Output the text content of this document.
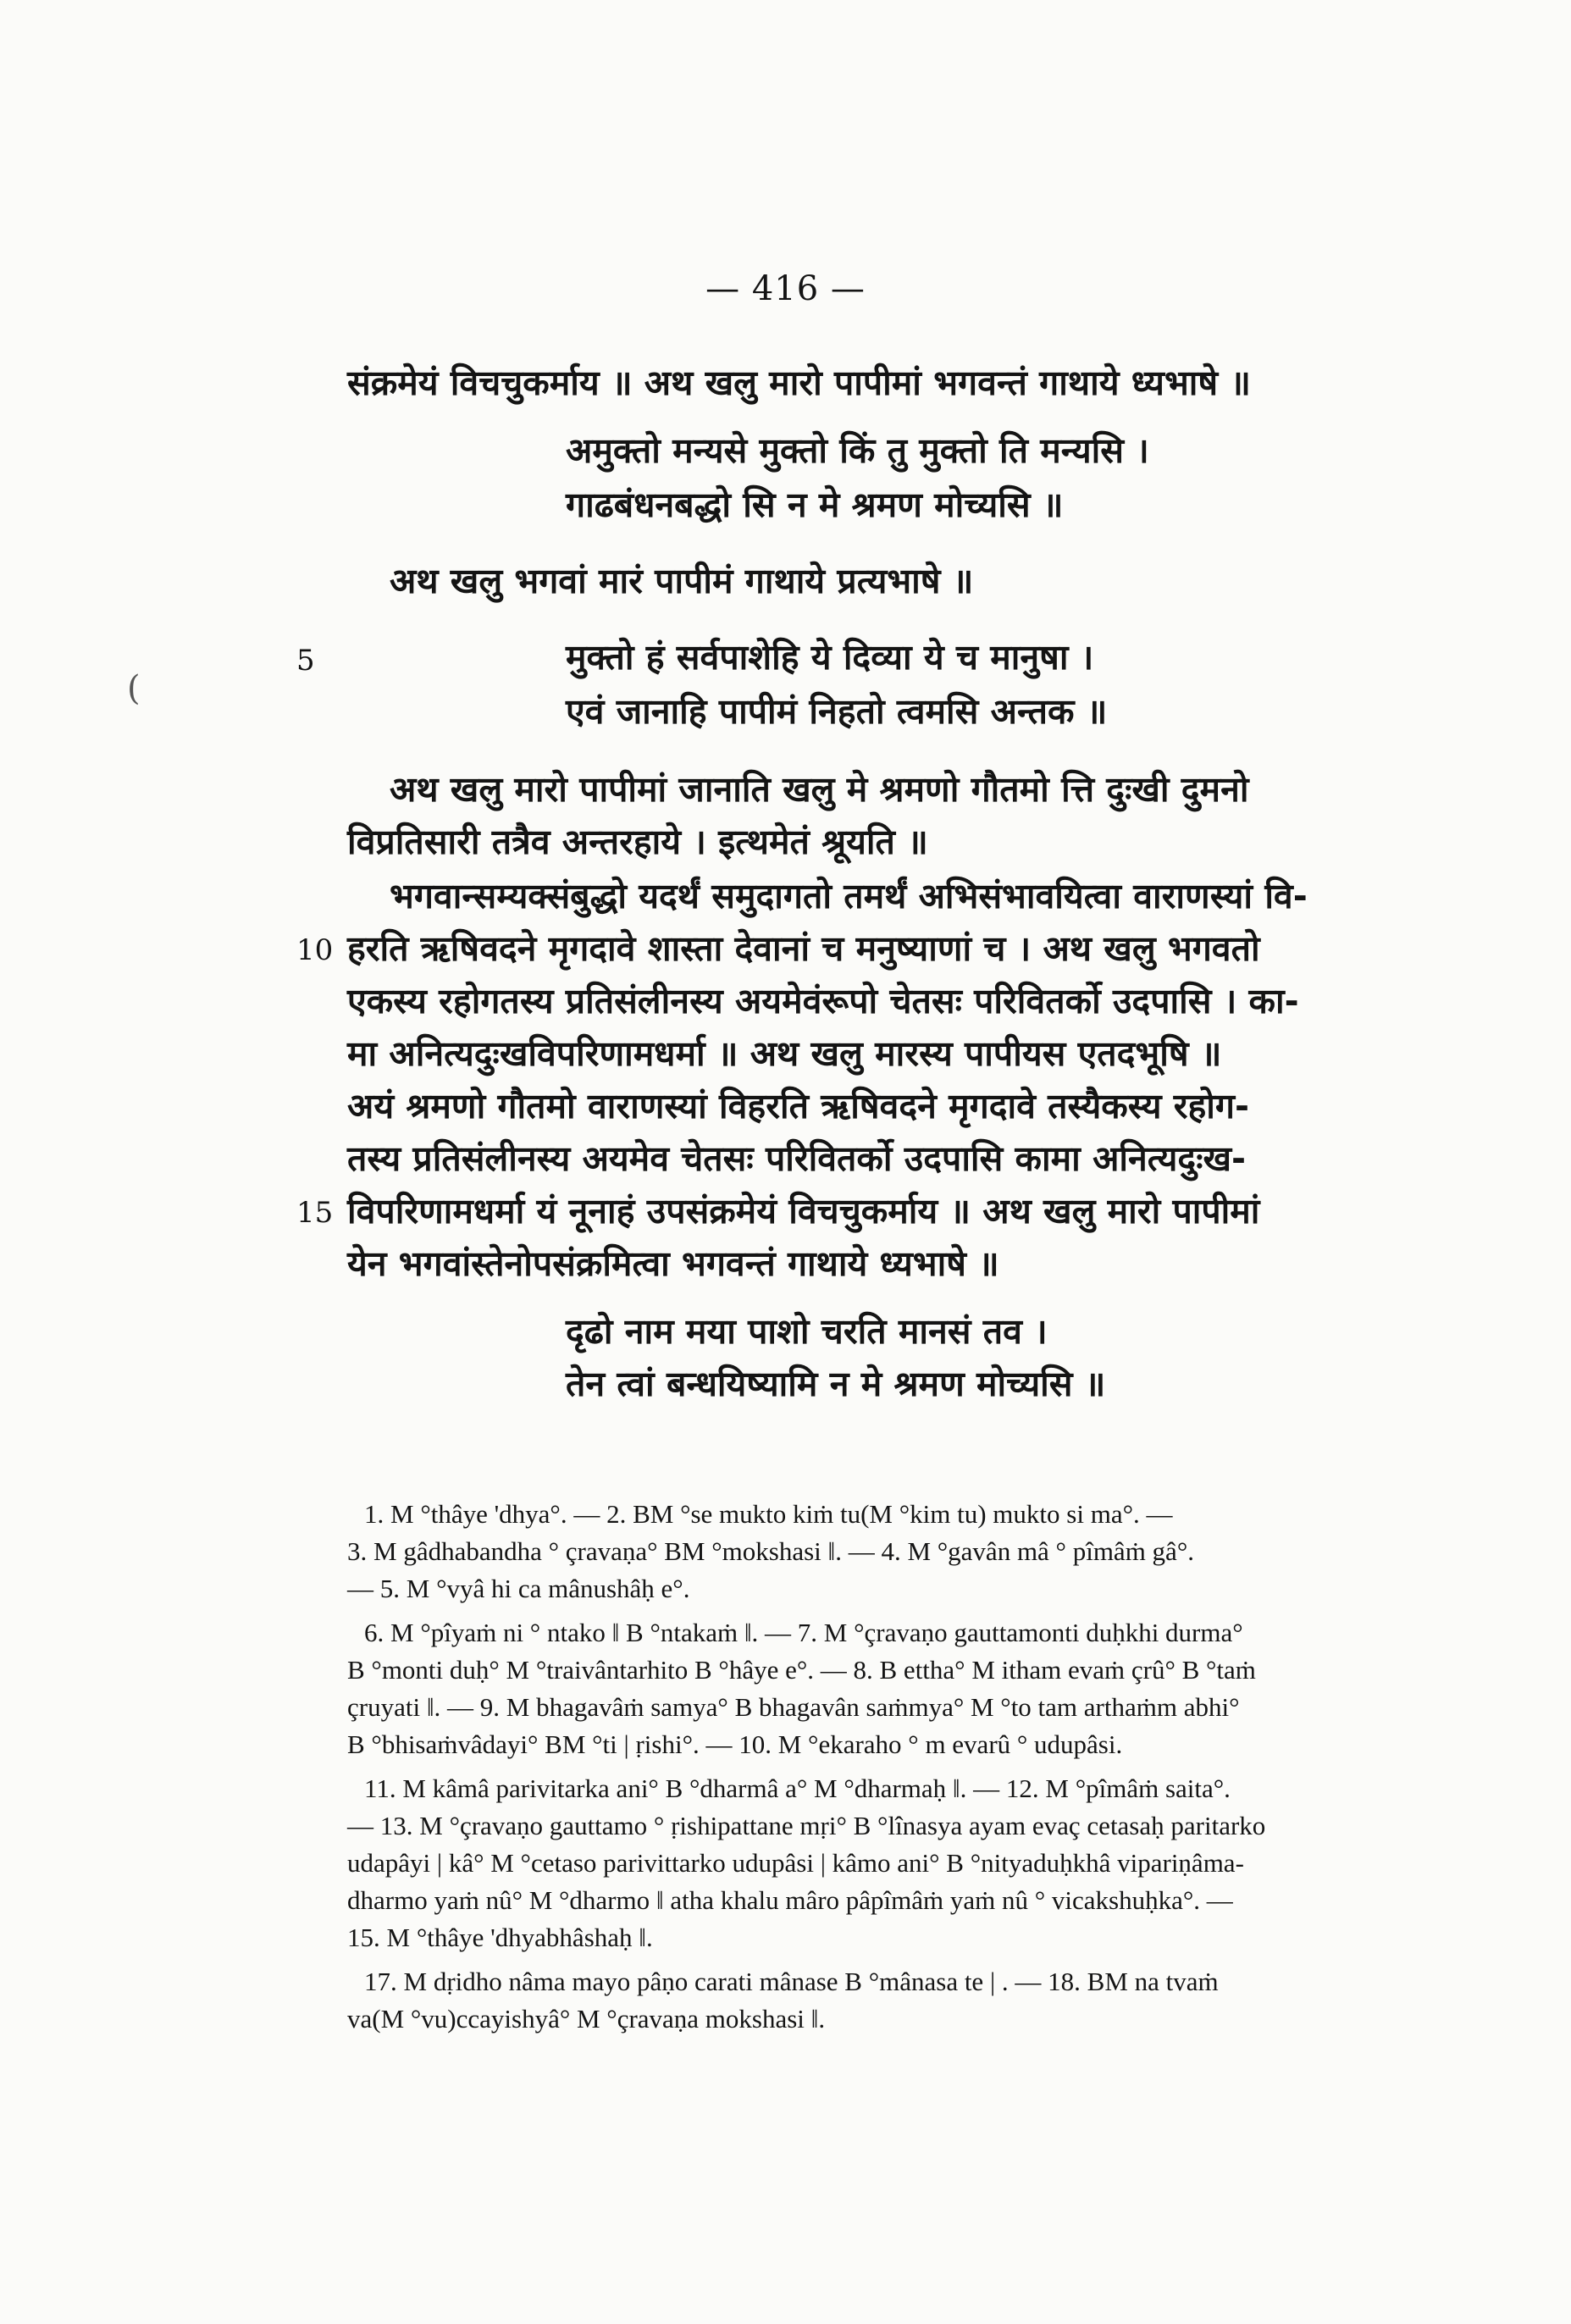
— 416 —
(
संक्रमेयं विचचुकर्माय ॥ अथ खलु मारो पापीमां भगवन्तं गाथाये ध्यभाषे ॥
अमुक्तो मन्यसे मुक्तो किं तु मुक्तो ति मन्यसि ।
गाढबंधनबद्धो सि न मे श्रमण मोच्यसि ॥
अथ खलु भगवां मारं पापीमं गाथाये प्रत्यभाषे ॥
5	मुक्तो हं सर्वपाशेहि ये दिव्या ये च मानुषा ।
एवं जानाहि पापीमं निहतो त्वमसि अन्तक ॥
अथ खलु मारो पापीमां जानाति खलु मे श्रमणो गौतमो त्ति दुःखी दुमनो
विप्रतिसारी तत्रैव अन्तरहाये । इत्थमेतं श्रूयति ॥
भगवान्सम्यक्संबुद्धो यदर्थं समुदागतो तमर्थं अभिसंभावयित्वा वाराणस्यां वि-
10 हरति ऋषिवदने मृगदावे शास्ता देवानां च मनुष्याणां च । अथ खलु भगवतो
एकस्य रहोगतस्य प्रतिसंलीनस्य अयमेवंरूपो चेतसः परिवितर्को उदपासि । का-
मा अनित्यदुःखविपरिणामधर्मा ॥ अथ खलु मारस्य पापीयस एतदभूषि ॥
अयं श्रमणो गौतमो वाराणस्यां विहरति ऋषिवदने मृगदावे तस्यैकस्य रहोग-
तस्य प्रतिसंलीनस्य अयमेव चेतसः परिवितर्को उदपासि कामा अनित्यदुःख-
15 विपरिणामधर्मा यं नूनाहं उपसंक्रमेयं विचचुकर्माय ॥ अथ खलु मारो पापीमां
येन भगवांस्तेनोपसंक्रमित्वा भगवन्तं गाथाये ध्यभाषे ॥
दृढो नाम मया पाशो चरति मानसं तव ।
तेन त्वां बन्धयिष्यामि न मे श्रमण मोच्यसि ॥
1. M °thâye 'dhya°. — 2. BM °se mukto kiṁ tu(M °kim tu) mukto si ma°. —
3. M gâdhabandha ° çravaṇa° BM °mokshasi ‖. — 4. M °gavân mâ ° pîmâṁ gâ°.
— 5. M °vyâ hi ca mânushâḥ e°.
6. M °pîyaṁ ni ° ntako ‖ B °ntakaṁ ‖. — 7. M °çravaṇo gauttamonti duḥkhi durma°
B °monti duḥ° M °traivântarhito B °hâye e°. — 8. B ettha° M itham evaṁ çrû° B °taṁ
çruyati ‖. — 9. M bhagavâṁ samya° B bhagavân saṁmya° M °to tam arthaṁm abhi°
B °bhisaṁvâdayi° BM °ti | ṛishi°. — 10. M °ekaraho ° m evarû ° udupâsi.
11. M kâmâ parivitarka ani° B °dharmâ a° M °dharmaḥ ‖. — 12. M °pîmâṁ saita°.
— 13. M °çravaṇo gauttamo ° ṛishipattane mṛi° B °lînasya ayam evaç cetasaḥ paritarko
udapâyi | kâ° M °cetaso parivittarko udupâsi | kâmo ani° B °nityaduḥkhâ vipariṇâma-
dharmo yaṁ nû° M °dharmo ‖ atha khalu mâro pâpîmâṁ yaṁ nû ° vicakshuḥka°. —
15. M °thâye 'dhyabhâshaḥ ‖.
17. M dṛidho nâma mayo pâṇo carati mânase B °mânasa te | . — 18. BM na tvaṁ
va(M °vu)ccayishyâ° M °çravaṇa mokshasi ‖.
